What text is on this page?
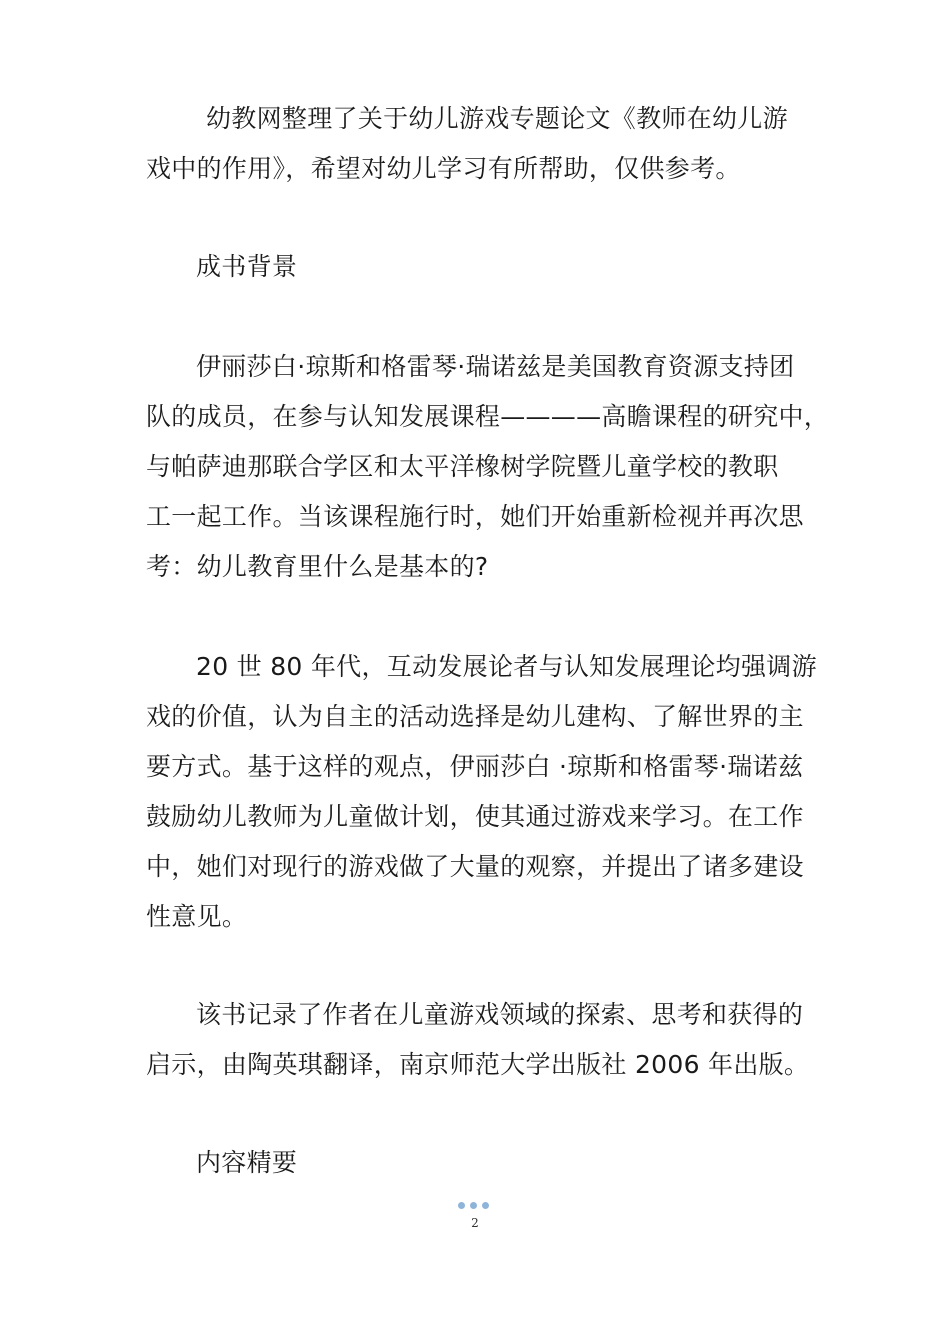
幼教网整理了关于幼儿游戏专题论文《教师在幼儿游

戏中的作用》，希望对幼儿学习有所帮助，仅供参考。

成书背景

伊丽莎白·琼斯和格雷琴·瑞诺兹是美国教育资源支持团

队的成员，在参与认知发展课程————高瞻课程的研究中，

与帕萨迪那联合学区和太平洋橡树学院暨儿童学校的教职

工一起工作。当该课程施行时，她们开始重新检视并再次思

考：幼儿教育里什么是基本的?

20 世 80 年代，互动发展论者与认知发展理论均强调游

戏的价值，认为自主的活动选择是幼儿建构、了解世界的主

要方式。基于这样的观点，伊丽莎白 ·琼斯和格雷琴·瑞诺兹

鼓励幼儿教师为儿童做计划，使其通过游戏来学习。在工作

中，她们对现行的游戏做了大量的观察，并提出了诸多建设

性意见。

该书记录了作者在儿童游戏领域的探索、思考和获得的

启示，由陶英琪翻译，南京师范大学出版社 2006 年出版。

内容精要

2
